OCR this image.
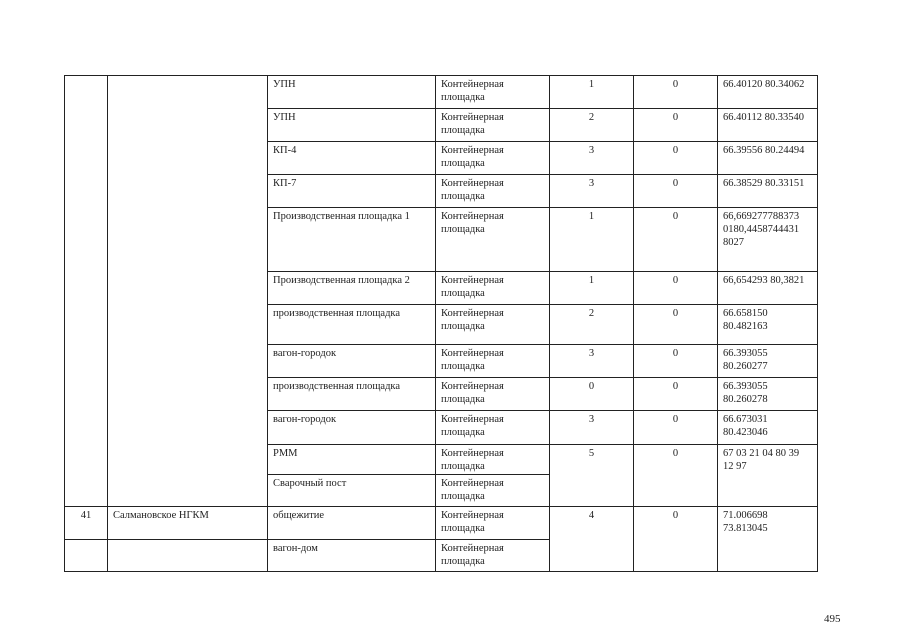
		УПН	Контейнерная площадка	1	0	66.40120 80.34062
		УПН	Контейнерная площадка	2	0	66.40112 80.33540
		КП-4	Контейнерная площадка	3	0	66.39556 80.24494
		КП-7	Контейнерная площадка	3	0	66.38529 80.33151
		Производственная площадка 1	Контейнерная площадка	1	0	66,669277788373 0180,4458744431 8027
		Производственная площадка 2	Контейнерная площадка	1	0	66,654293 80,3821
		производственная площадка	Контейнерная площадка	2	0	66.658150 80.482163
		вагон-городок	Контейнерная площадка	3	0	66.393055 80.260277
		производственная площадка	Контейнерная площадка	0	0	66.393055 80.260278
		вагон-городок	Контейнерная площадка	3	0	66.673031 80.423046
		РММ	Контейнерная площадка	5	0	67 03 21 04 80 39 12 97
		Сварочный пост	Контейнерная площадка			
41	Салмановское НГКМ	общежитие	Контейнерная площадка	4	0	71.006698 73.813045
		вагон-дом	Контейнерная площадка			
495
